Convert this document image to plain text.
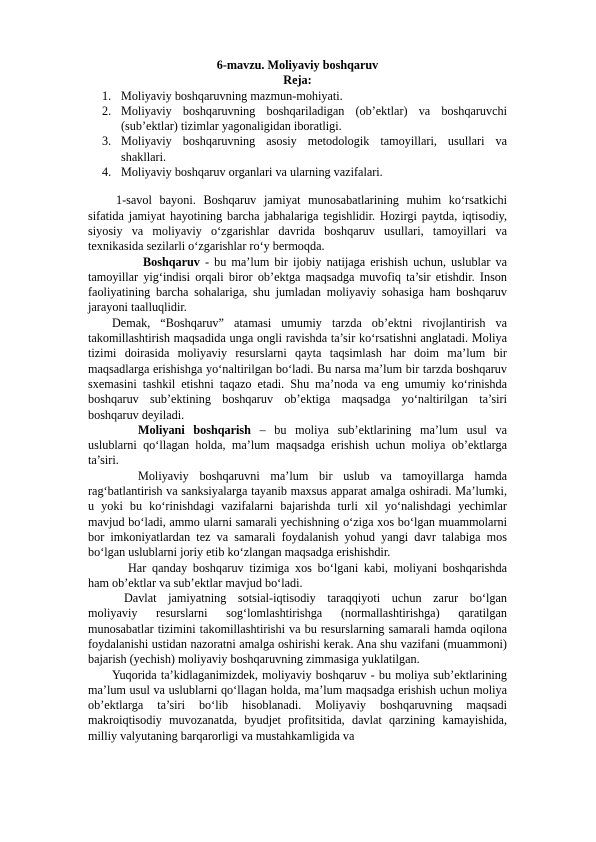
6-mavzu. Moliyaviy boshqaruv

Reja:

1. Moliyaviy boshqaruvning mazmun-mohiyati.
2. Moliyaviy boshqaruvning boshqariladigan (ob’ektlar) va boshqaruvchi (sub’ektlar) tizimlar yagonaligidan iboratligi.
3. Moliyaviy boshqaruvning asosiy metodologik tamoyillari, usullari va shakllari.
4. Moliyaviy boshqaruv organlari va ularning vazifalari.

1-savol bayoni. Boshqaruv jamiyat munosabatlarining muhim ko‘rsatkichi sifatida jamiyat hayotining barcha jabhalariga tegishlidir. Hozirgi paytda, iqtisodiy, siyosiy va moliyaviy o‘zgarishlar davrida boshqaruv usullari, tamoyillari va texnikasida sezilarli o‘zgarishlar ro‘y bermoqda.

Boshqaruv - bu ma’lum bir ijobiy natijaga erishish uchun, uslublar va tamoyillar yig‘indisi orqali biror ob’ektga maqsadga muvofiq ta’sir etishdir. Inson faoliyatining barcha sohalariga, shu jumladan moliyaviy sohasiga ham boshqaruv jarayoni taalluqlidir.

Demak, “Boshqaruv” atamasi umumiy tarzda ob’ektni rivojlantirish va takomillashtirish maqsadida unga ongli ravishda ta’sir ko‘rsatishni anglatadi. Moliya tizimi doirasida moliyaviy resurslarni qayta taqsimlash har doim ma’lum bir maqsadlarga erishishga yo‘naltirilgan bo‘ladi. Bu narsa ma’lum bir tarzda boshqaruv sxemasini tashkil etishni taqazo etadi. Shu ma’noda va eng umumiy ko‘rinishda boshqaruv sub’ektining boshqaruv ob’ektiga maqsadga yo‘naltirilgan ta’siri boshqaruv deyiladi.

Moliyani boshqarish – bu moliya sub’ektlarining ma’lum usul va uslublarni qo‘llagan holda, ma’lum maqsadga erishish uchun moliya ob’ektlarga ta’siri.

Moliyaviy boshqaruvni ma’lum bir uslub va tamoyillarga hamda rag‘batlantirish va sanksiyalarga tayanib maxsus apparat amalga oshiradi. Ma’lumki, u yoki bu ko‘rinishdagi vazifalarni bajarishda turli xil yo‘nalishdagi yechimlar mavjud bo‘ladi, ammo ularni samarali yechishning o‘ziga xos bo‘lgan muammolarni bor imkoniyatlardan tez va samarali foydalanish yohud yangi davr talabiga mos bo‘lgan uslublarni joriy etib ko‘zlangan maqsadga erishishdir.

Har qanday boshqaruv tizimiga xos bo‘lgani kabi, moliyani boshqarishda ham ob’ektlar va sub’ektlar mavjud bo‘ladi.

Davlat jamiyatning sotsial-iqtisodiy taraqqiyoti uchun zarur bo‘lgan moliyaviy resurslarni sog‘lomlashtirishga (normallashtirishga) qaratilgan munosabatlar tizimini takomillashtirishi va bu resurslarning samarali hamda oqilona foydalanishi ustidan nazoratni amalga oshirishi kerak. Ana shu vazifani (muammoni) bajarish (yechish) moliyaviy boshqaruvning zimmasiga yuklatilgan.

Yuqorida ta’kidlaganimizdek, moliyaviy boshqaruv - bu moliya sub’ektlarining ma’lum usul va uslublarni qo‘llagan holda, ma’lum maqsadga erishish uchun moliya ob’ektlarga ta’siri bo‘lib hisoblanadi. Moliyaviy boshqaruvning maqsadi makroiqtisodiy muvozanatda, byudjet profitsitida, davlat qarzining kamayishida, milliy valyutaning barqarorligi va mustahkamligida va
